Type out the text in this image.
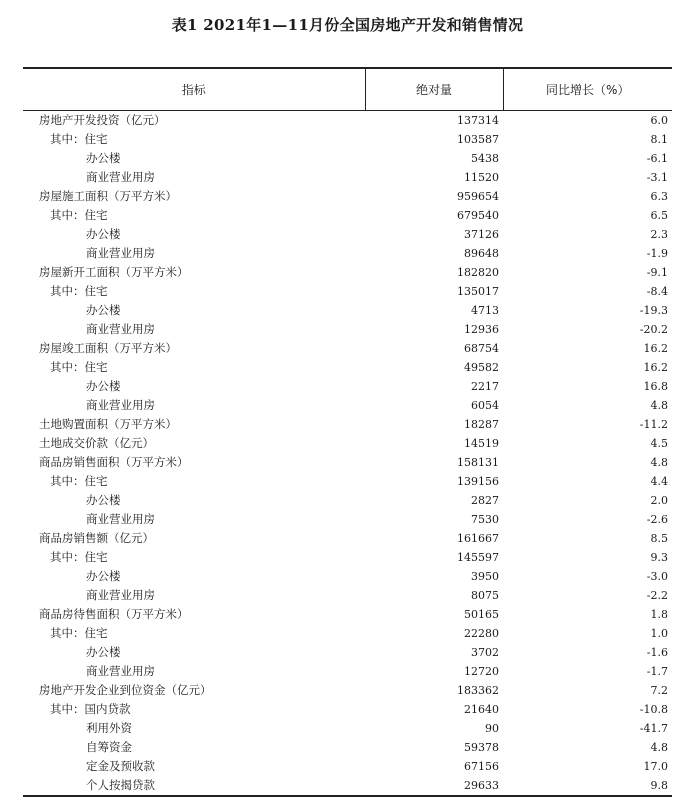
表1 2021年1—11月份全国房地产开发和销售情况
指标	绝对量	同比增长（%）
房地产开发投资（亿元）	137314	6.0
其中：住宅	103587	8.1
办公楼	5438	-6.1
商业营业用房	11520	-3.1
房屋施工面积（万平方米）	959654	6.3
其中：住宅	679540	6.5
办公楼	37126	2.3
商业营业用房	89648	-1.9
房屋新开工面积（万平方米）	182820	-9.1
其中：住宅	135017	-8.4
办公楼	4713	-19.3
商业营业用房	12936	-20.2
房屋竣工面积（万平方米）	68754	16.2
其中：住宅	49582	16.2
办公楼	2217	16.8
商业营业用房	6054	4.8
土地购置面积（万平方米）	18287	-11.2
土地成交价款（亿元）	14519	4.5
商品房销售面积（万平方米）	158131	4.8
其中：住宅	139156	4.4
办公楼	2827	2.0
商业营业用房	7530	-2.6
商品房销售额（亿元）	161667	8.5
其中：住宅	145597	9.3
办公楼	3950	-3.0
商业营业用房	8075	-2.2
商品房待售面积（万平方米）	50165	1.8
其中：住宅	22280	1.0
办公楼	3702	-1.6
商业营业用房	12720	-1.7
房地产开发企业到位资金（亿元）	183362	7.2
其中：国内贷款	21640	-10.8
利用外资	90	-41.7
自筹资金	59378	4.8
定金及预收款	67156	17.0
个人按揭贷款	29633	9.8
